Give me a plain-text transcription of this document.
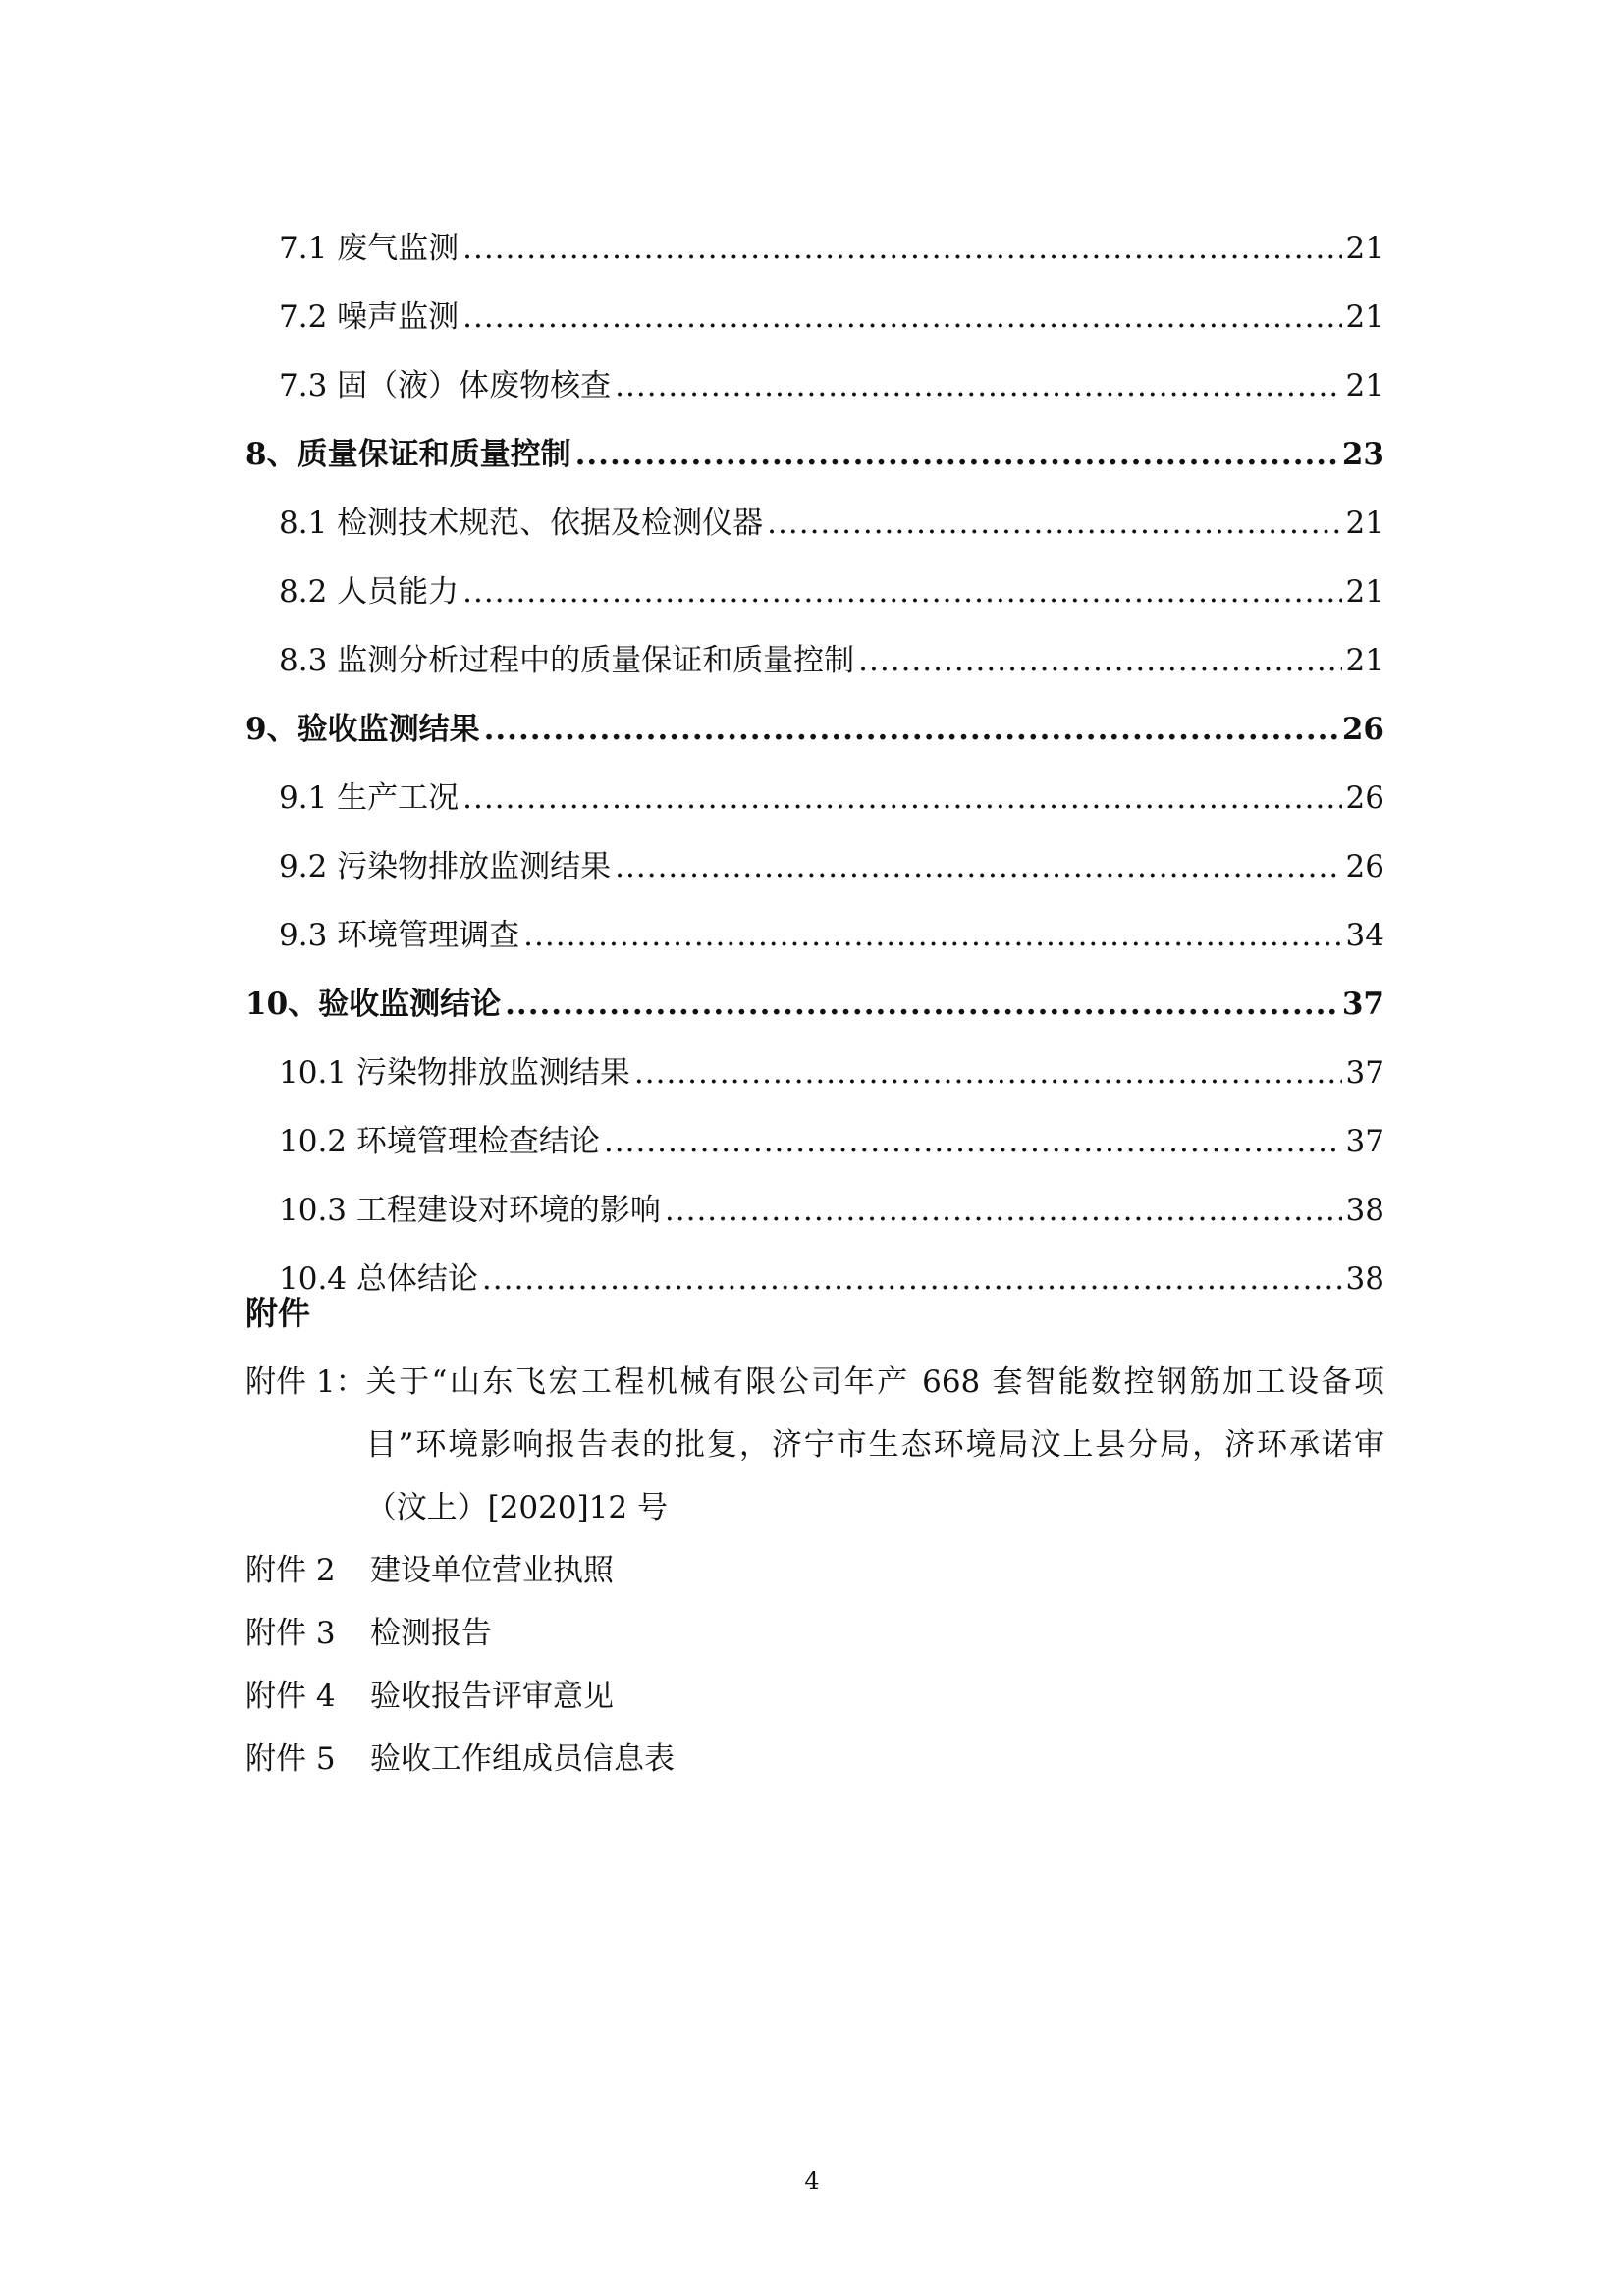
7.1 废气监测 .....	21
7.2 噪声监测 .....	21
7.3 固（液）体废物核查 .....	21
8、质量保证和质量控制 .....	23
8.1 检测技术规范、依据及检测仪器 .....	21
8.2 人员能力 .....	21
8.3 监测分析过程中的质量保证和质量控制 .....	21
9、验收监测结果 .....	26
9.1 生产工况 .....	26
9.2 污染物排放监测结果 .....	26
9.3 环境管理调查 .....	34
10、验收监测结论 .....	37
10.1 污染物排放监测结果 .....	37
10.2 环境管理检查结论 .....	37
10.3 工程建设对环境的影响 .....	38
10.4 总体结论 .....	38
附件
附件 1： 关于“山东飞宏工程机械有限公司年产 668 套智能数控钢筋加工设备项目”环境影响报告表的批复，济宁市生态环境局汶上县分局，济环承诺审（汶上）[2020]12 号
附件 2	建设单位营业执照
附件 3	检测报告
附件 4	验收报告评审意见
附件 5	验收工作组成员信息表
4
